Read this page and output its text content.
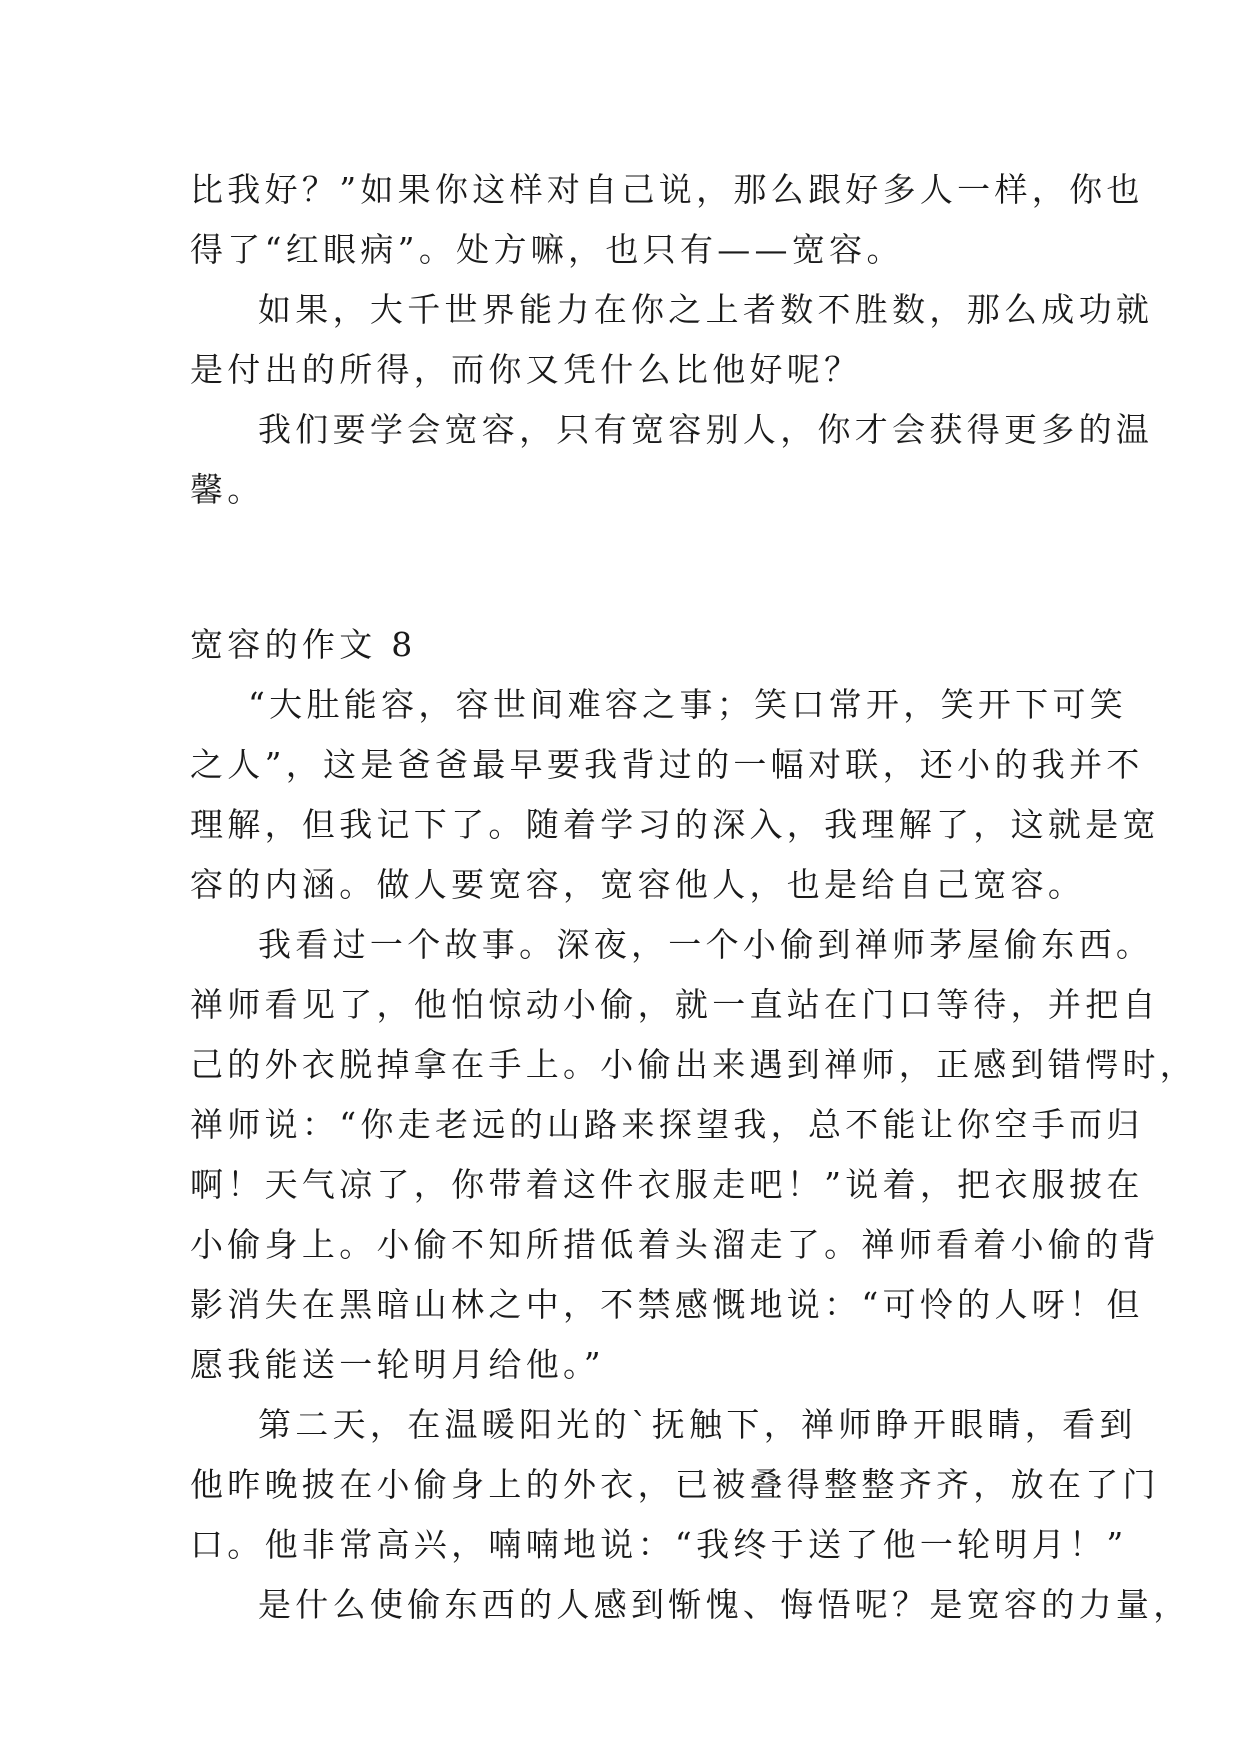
比我好？”如果你这样对自己说，那么跟好多人一样，你也
得了“红眼病”。处方嘛，也只有——宽容。
如果，大千世界能力在你之上者数不胜数，那么成功就
是付出的所得，而你又凭什么比他好呢？
我们要学会宽容，只有宽容别人，你才会获得更多的温
馨。
宽容的作文 8
“大肚能容，容世间难容之事；笑口常开，笑开下可笑
之人”，这是爸爸最早要我背过的一幅对联，还小的我并不
理解，但我记下了。随着学习的深入，我理解了，这就是宽
容的内涵。做人要宽容，宽容他人，也是给自己宽容。
我看过一个故事。深夜，一个小偷到禅师茅屋偷东西。
禅师看见了，他怕惊动小偷，就一直站在门口等待，并把自
己的外衣脱掉拿在手上。小偷出来遇到禅师，正感到错愕时，
禅师说：“你走老远的山路来探望我，总不能让你空手而归
啊！天气凉了，你带着这件衣服走吧！”说着，把衣服披在
小偷身上。小偷不知所措低着头溜走了。禅师看着小偷的背
影消失在黑暗山林之中，不禁感慨地说：“可怜的人呀！但
愿我能送一轮明月给他。”
第二天，在温暖阳光的`抚触下，禅师睁开眼睛，看到
他昨晚披在小偷身上的外衣，已被叠得整整齐齐，放在了门
口。他非常高兴，喃喃地说：“我终于送了他一轮明月！”
是什么使偷东西的人感到惭愧、悔悟呢？是宽容的力量，
